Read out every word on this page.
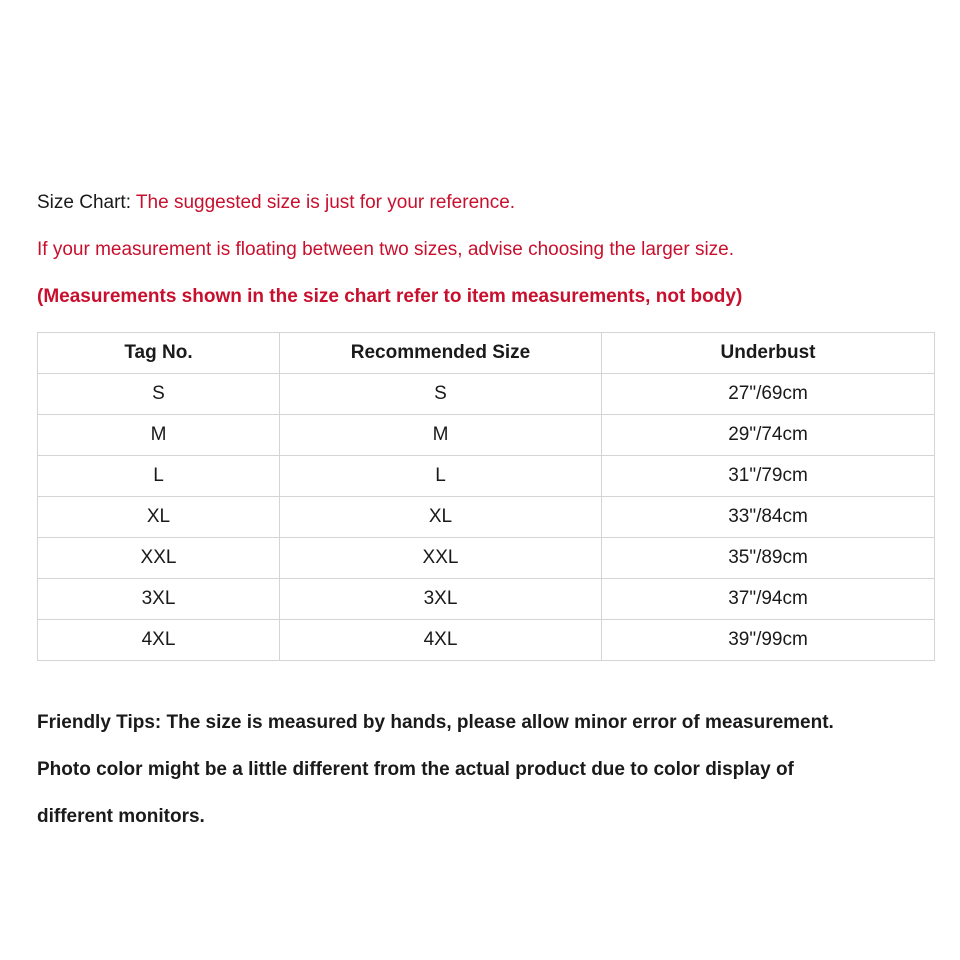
Size Chart: The suggested size is just for your reference.
If your measurement is floating between two sizes, advise choosing the larger size.
(Measurements shown in the size chart refer to item measurements, not body)
Tag No.	Recommended Size	Underbust
S	S	27"/69cm
M	M	29"/74cm
L	L	31"/79cm
XL	XL	33"/84cm
XXL	XXL	35"/89cm
3XL	3XL	37"/94cm
4XL	4XL	39"/99cm

Friendly Tips: The size is measured by hands, please allow minor error of measurement.

Photo color might be a little different from the actual product due to color display of

different monitors.
